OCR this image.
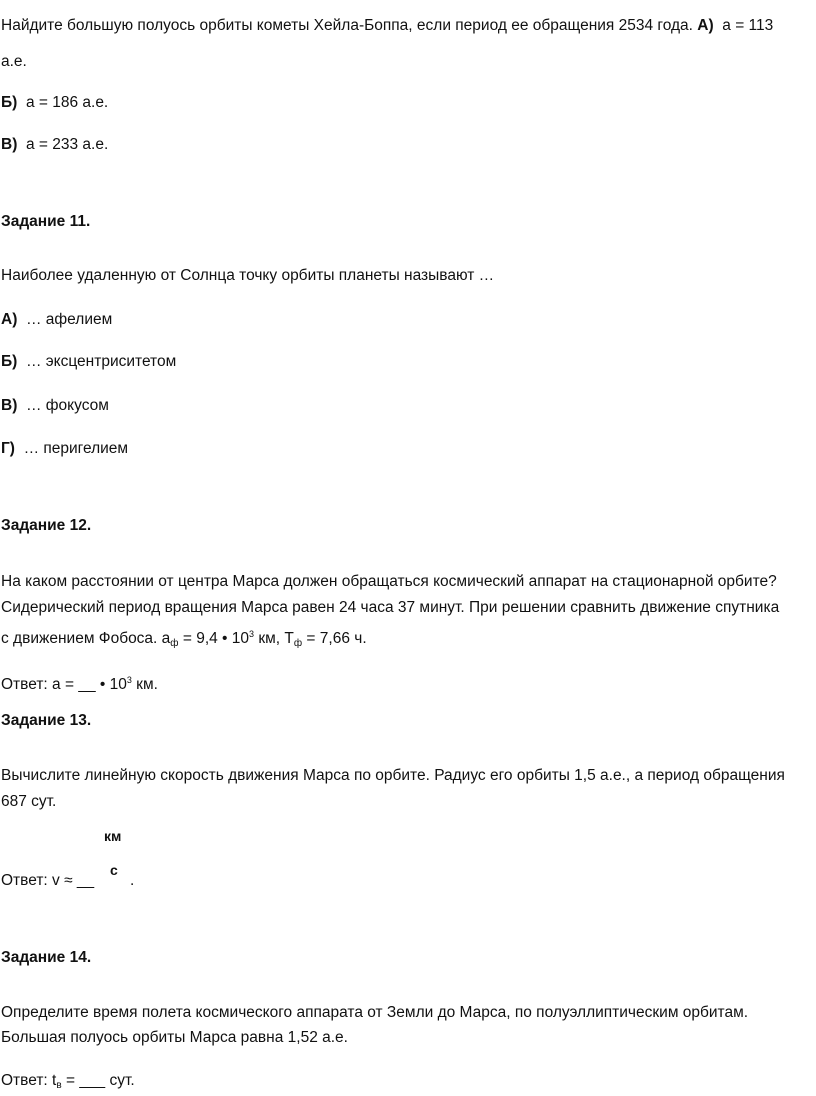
Найдите большую полуось орбиты кометы Хейла-Боппа, если период ее обращения 2534 года. А) a = 113
а.е.
Б) a = 186 а.е.
В) a = 233 а.е.
Задание 11.
Наиболее удаленную от Солнца точку орбиты планеты называют …
А) … афелием
Б) … эксцентриситетом
В) … фокусом
Г) … перигелием
Задание 12.
На каком расстоянии от центра Марса должен обращаться космический аппарат на стационарной орбите?
Сидерический период вращения Марса равен 24 часа 37 минут. При решении сравнить движение спутника
с движением Фобоса. $a_ф = 9,4$ • $10^3$ км, $T_ф = 7,66$ ч.
Ответ: a = __ • $10^3$ км.
Задание 13.
Вычислите линейную скорость движения Марса по орбите. Радиус его орбиты 1,5 а.е., а период обращения
687 сут.
км
с
Ответ: v ≈ __ .
Задание 14.
Определите время полета космического аппарата от Земли до Марса, по полуэллиптическим орбитам.
Большая полуось орбиты Марса равна 1,52 а.е.
Ответ: $t_в$ = ___ сут.
